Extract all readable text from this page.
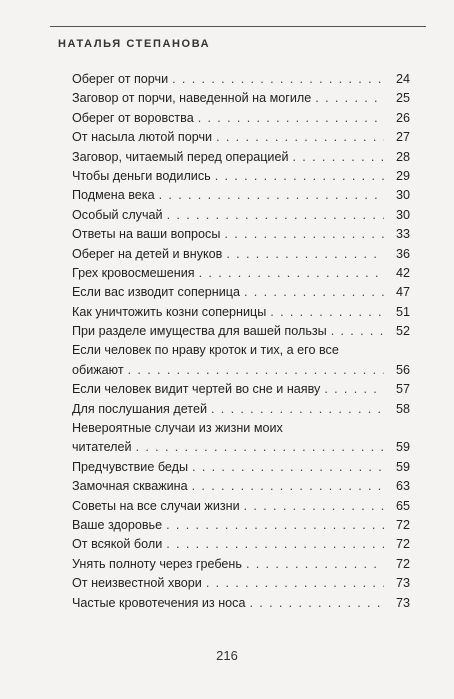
НАТАЛЬЯ СТЕПАНОВА
Оберег от порчи . . .	24
Заговор от порчи, наведенной на могиле . . .	25
Оберег от воровства . . .	26
От насыла лютой порчи . . .	27
Заговор, читаемый перед операцией . . .	28
Чтобы деньги водились . . .	29
Подмена века . . .	30
Особый случай . . .	30
Ответы на ваши вопросы . . .	33
Оберег на детей и внуков . . .	36
Грех кровосмешения . . .	42
Если вас изводит соперница . . .	47
Как уничтожить козни соперницы . . .	51
При разделе имущества для вашей пользы . . .	52
Если человек по нраву кроток и тих, а его все
обижают . . .	56
Если человек видит чертей во сне и наяву . . .	57
Для послушания детей . . .	58
Невероятные случаи из жизни моих
читателей . . .	59
Предчувствие беды . . .	59
Замочная скважина . . .	63
Советы на все случаи жизни . . .	65
Ваше здоровье . . .	72
От всякой боли . . .	72
Унять полноту через гребень . . .	72
От неизвестной хвори . . .	73
Частые кровотечения из носа . . .	73
216
